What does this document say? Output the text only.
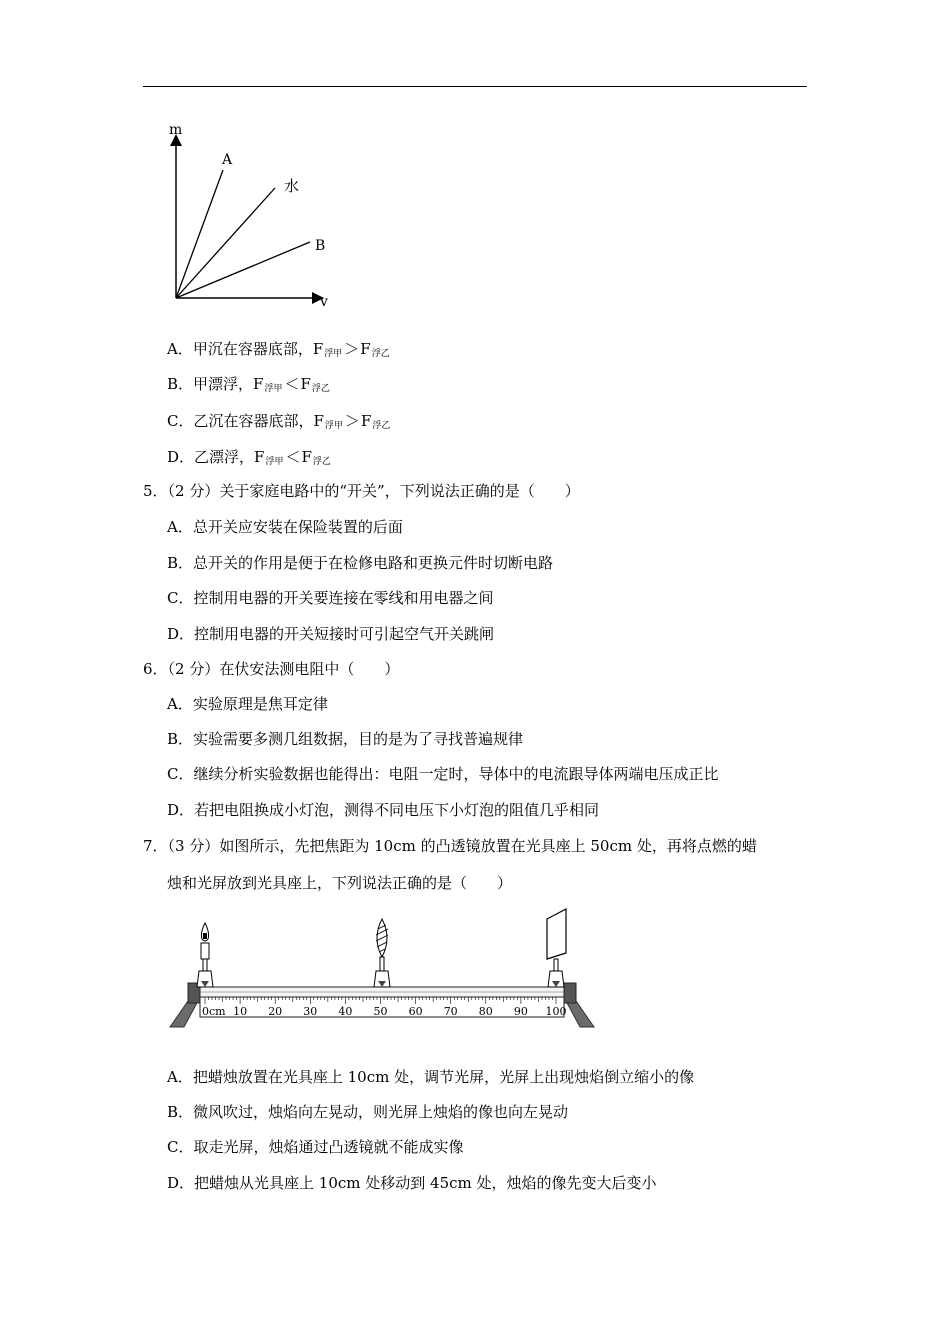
m
v
A
水
B
A．甲沉在容器底部，$F_{浮甲} >F_{浮乙}$
B．甲漂浮，$F_{浮甲} <F_{浮乙}$
C．乙沉在容器底部，$F_{浮甲} >F_{浮乙}$
D．乙漂浮，$F_{浮甲} <F_{浮乙}$
5．（2 分）关于家庭电路中的“开关”，下列说法正确的是（　　）
A．总开关应安装在保险装置的后面
B．总开关的作用是便于在检修电路和更换元件时切断电路
C．控制用电器的开关要连接在零线和用电器之间
D．控制用电器的开关短接时可引起空气开关跳闸
6．（2 分）在伏安法测电阻中（　　）
A．实验原理是焦耳定律
B．实验需要多测几组数据，目的是为了寻找普遍规律
C．继续分析实验数据也能得出：电阻一定时，导体中的电流跟导体两端电压成正比
D．若把电阻换成小灯泡，测得不同电压下小灯泡的阻值几乎相同
7．（3 分）如图所示，先把焦距为 10cm 的凸透镜放置在光具座上 50cm 处，再将点燃的蜡
烛和光屏放到光具座上，下列说法正确的是（　　）
0cm 10 20 30 40 50 60 70 80 90 100
A．把蜡烛放置在光具座上 10cm 处，调节光屏，光屏上出现烛焰倒立缩小的像
B．微风吹过，烛焰向左晃动，则光屏上烛焰的像也向左晃动
C．取走光屏，烛焰通过凸透镜就不能成实像
D．把蜡烛从光具座上 10cm 处移动到 45cm 处，烛焰的像先变大后变小
